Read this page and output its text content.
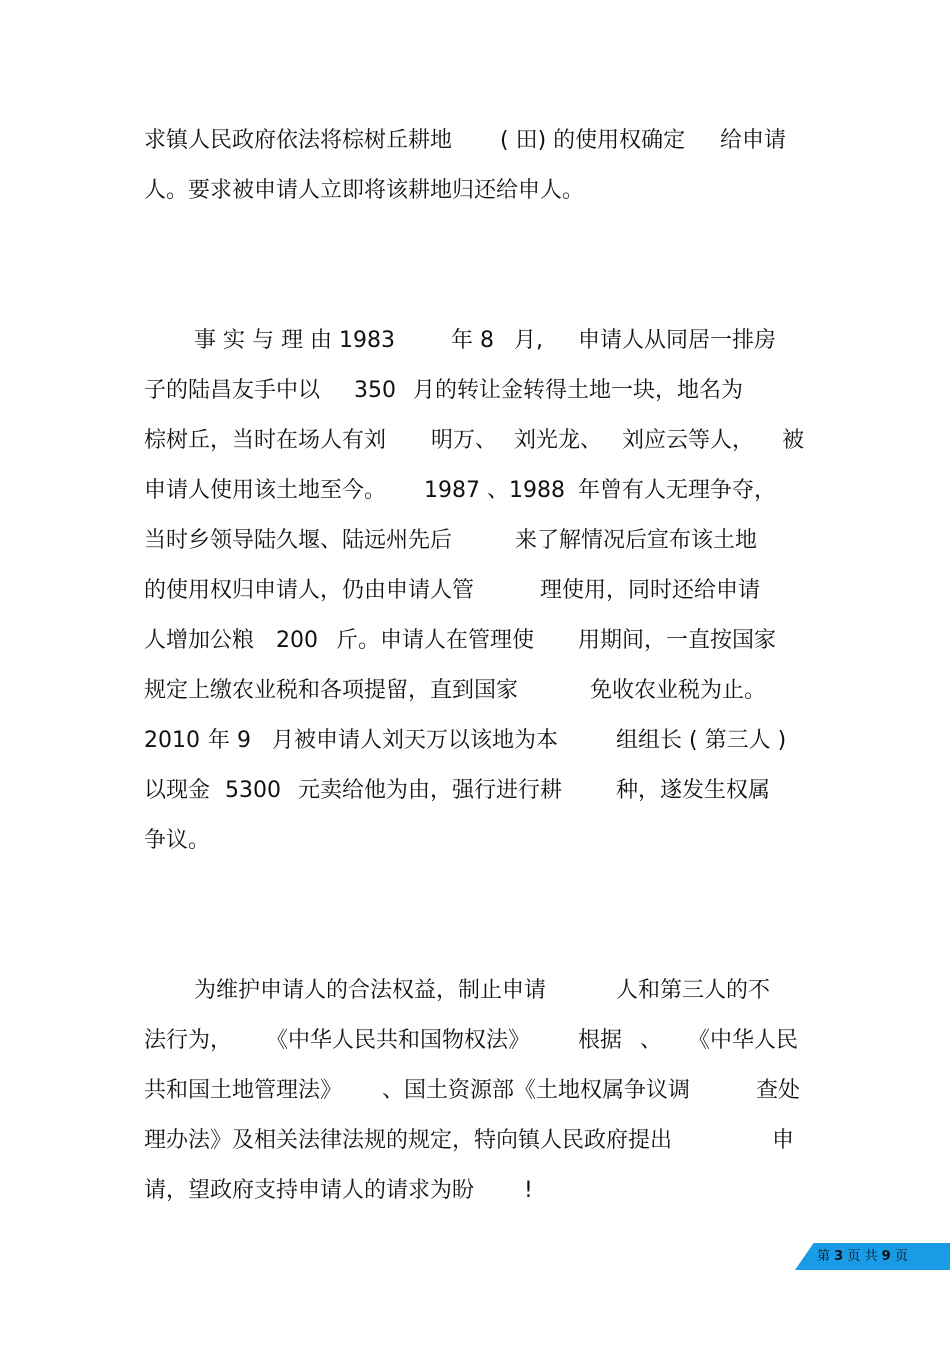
求镇人民政府依法将棕树丘耕地

( 田) 的使用权确定

给申请

人。要求被申请人立即将该耕地归还给申人。

事 实 与 理 由 1983

	年 8

月,

申请人从同居一排房

子的陆昌友手中以

350

月的转让金转得土地一块，地名为

棕树丘，当时在场人有刘

明万、

刘光龙、

刘应云等人，

被

申请人使用该土地至今。

1987 、1988

年曾有人无理争夺，

当时乡领导陆久堰、陆远州先后

	来了解情况后宣布该土地

的使用权归申请人，仍由申请人管

	理使用，同时还给申请

人增加公粮

200

斤。申请人在管理使

用期间，一直按国家

规定上缴农业税和各项提留，直到国家

	免收农业税为止。

2010

年 9

月被申请人刘天万以该地为本

	组组长 ( 第三人 )

以现金

5300

元卖给他为由，强行进行耕

种，遂发生权属

争议。

为维护申请人的合法权益，制止申请

	人和第三人的不

法行为，

《中华人民共和国物权法》

根据

、

《中华人民

共和国土地管理法》

、国土资源部《土地权属争议调

	查处

理办法》及相关法律法规的规定，特向镇人民政府提出

	申

请，望政府支持申请人的请求为盼

!

第 3 页 共 9 页
